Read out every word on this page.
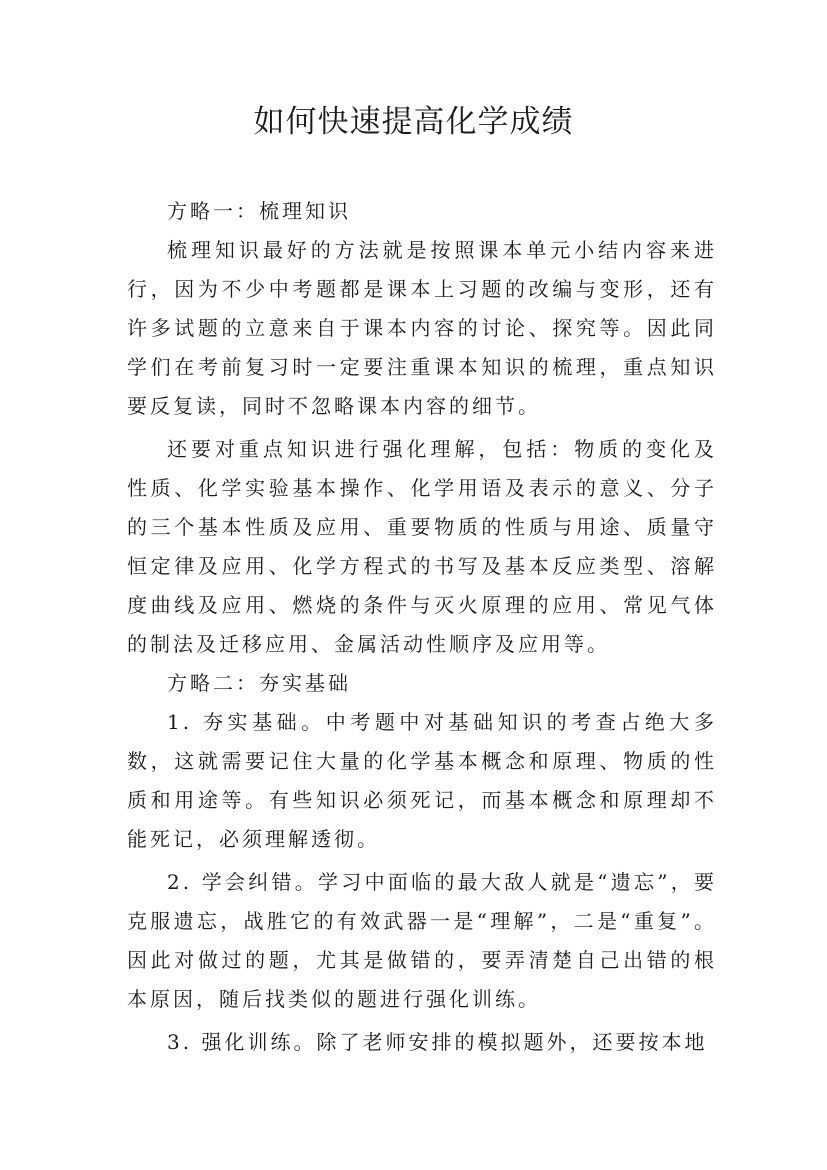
如何快速提高化学成绩

方略一：梳理知识

梳理知识最好的方法就是按照课本单元小结内容来进行，因为不少中考题都是课本上习题的改编与变形，还有许多试题的立意来自于课本内容的讨论、探究等。因此同学们在考前复习时一定要注重课本知识的梳理，重点知识要反复读，同时不忽略课本内容的细节。

还要对重点知识进行强化理解，包括：物质的变化及性质、化学实验基本操作、化学用语及表示的意义、分子的三个基本性质及应用、重要物质的性质与用途、质量守恒定律及应用、化学方程式的书写及基本反应类型、溶解度曲线及应用、燃烧的条件与灭火原理的应用、常见气体的制法及迁移应用、金属活动性顺序及应用等。

方略二：夯实基础

1. 夯实基础。中考题中对基础知识的考查占绝大多数，这就需要记住大量的化学基本概念和原理、物质的性质和用途等。有些知识必须死记，而基本概念和原理却不能死记，必须理解透彻。

2. 学会纠错。学习中面临的最大敌人就是“遗忘”，要克服遗忘，战胜它的有效武器一是“理解”，二是“重复”。因此对做过的题，尤其是做错的，要弄清楚自己出错的根本原因，随后找类似的题进行强化训练。

3. 强化训练。除了老师安排的模拟题外，还要按本地
